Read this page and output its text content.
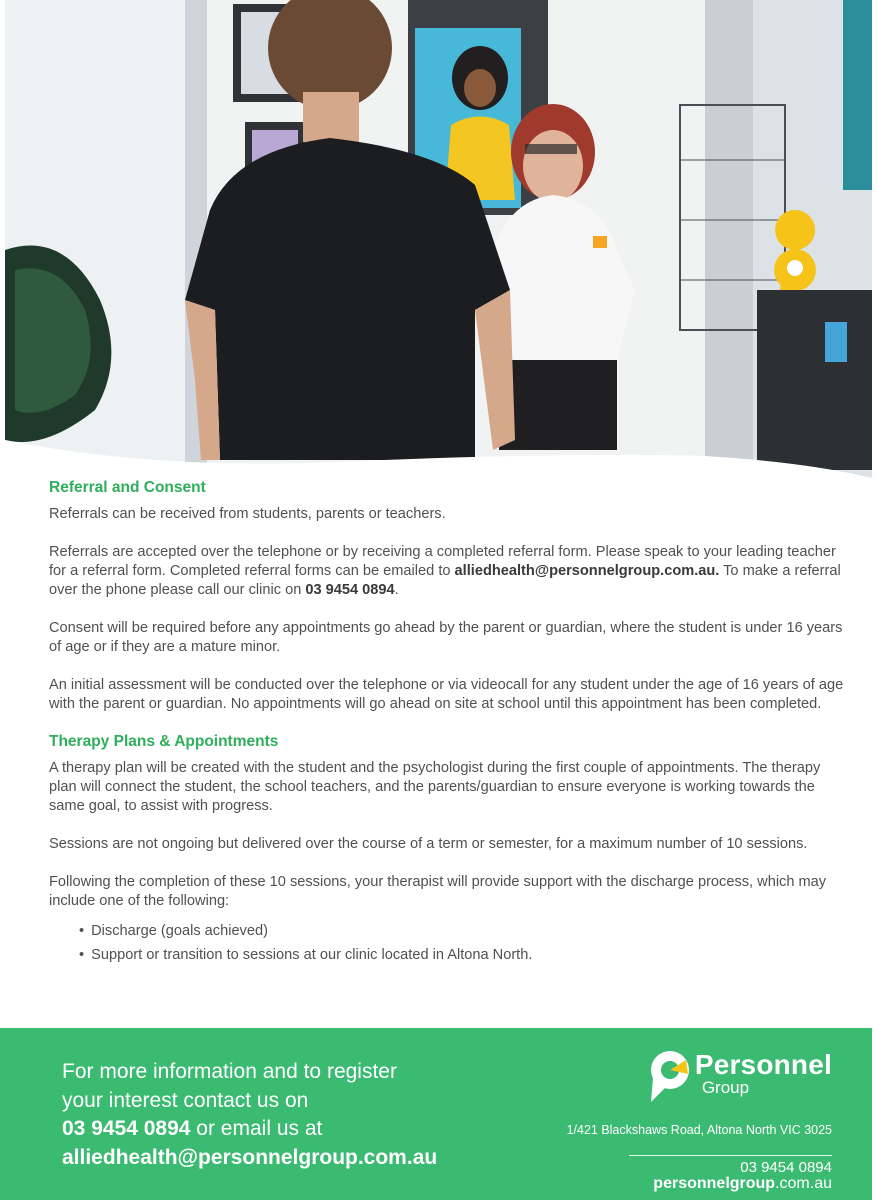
Referral and Consent

Referrals can be received from students, parents or teachers.

Referrals are accepted over the telephone or by receiving a completed referral form. Please speak to your leading teacher for a referral form. Completed referral forms can be emailed to alliedhealth@personnelgroup.com.au. To make a referral over the phone please call our clinic on 03 9454 0894.

Consent will be required before any appointments go ahead by the parent or guardian, where the student is under 16 years of age or if they are a mature minor.

An initial assessment will be conducted over the telephone or via videocall for any student under the age of 16 years of age with the parent or guardian. No appointments will go ahead on site at school until this appointment has been completed.

Therapy Plans & Appointments

A therapy plan will be created with the student and the psychologist during the first couple of appointments. The therapy plan will connect the student, the school teachers, and the parents/guardian to ensure everyone is working towards the same goal, to assist with progress.

Sessions are not ongoing but delivered over the course of a term or semester, for a maximum number of 10 sessions.

Following the completion of these 10 sessions, your therapist will provide support with the discharge process, which may include one of the following:

• Discharge (goals achieved)
• Support or transition to sessions at our clinic located in Altona North.
For more information and to register
your interest contact us on
03 9454 0894 or email us at
alliedhealth@personnelgroup.com.au
Personnel
Group
1/421 Blackshaws Road, Altona North VIC 3025
03 9454 0894
personnelgroup.com.au
